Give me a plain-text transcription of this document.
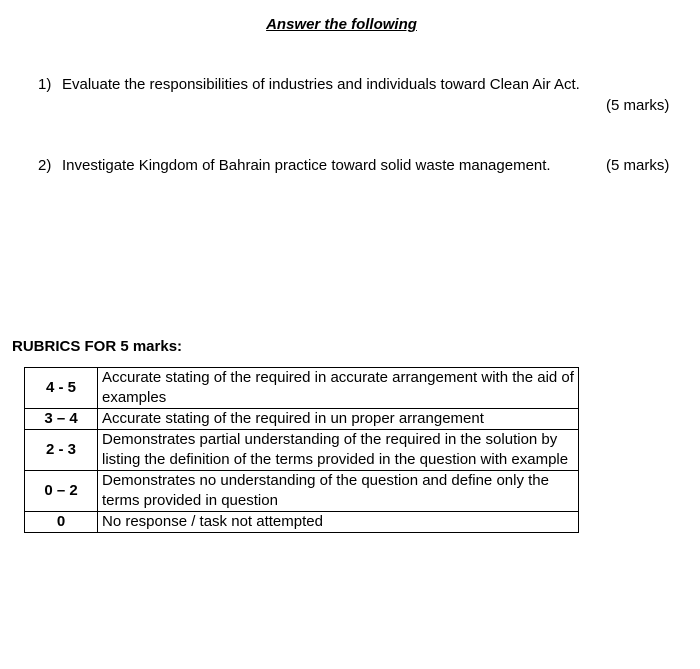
Answer the following
1) Evaluate the responsibilities of industries and individuals toward Clean Air Act.
(5 marks)
2) Investigate Kingdom of Bahrain practice toward solid waste management.	(5 marks)
RUBRICS FOR 5 marks:
4 - 5	Accurate stating of the required in accurate arrangement with the aid of examples
3 – 4	Accurate stating of the required in un proper arrangement
2 - 3	Demonstrates partial understanding of the required in the solution by listing the definition of the terms provided in the question with example
0 – 2	Demonstrates no understanding of the question and define only the terms provided in question
0	No response / task not attempted
